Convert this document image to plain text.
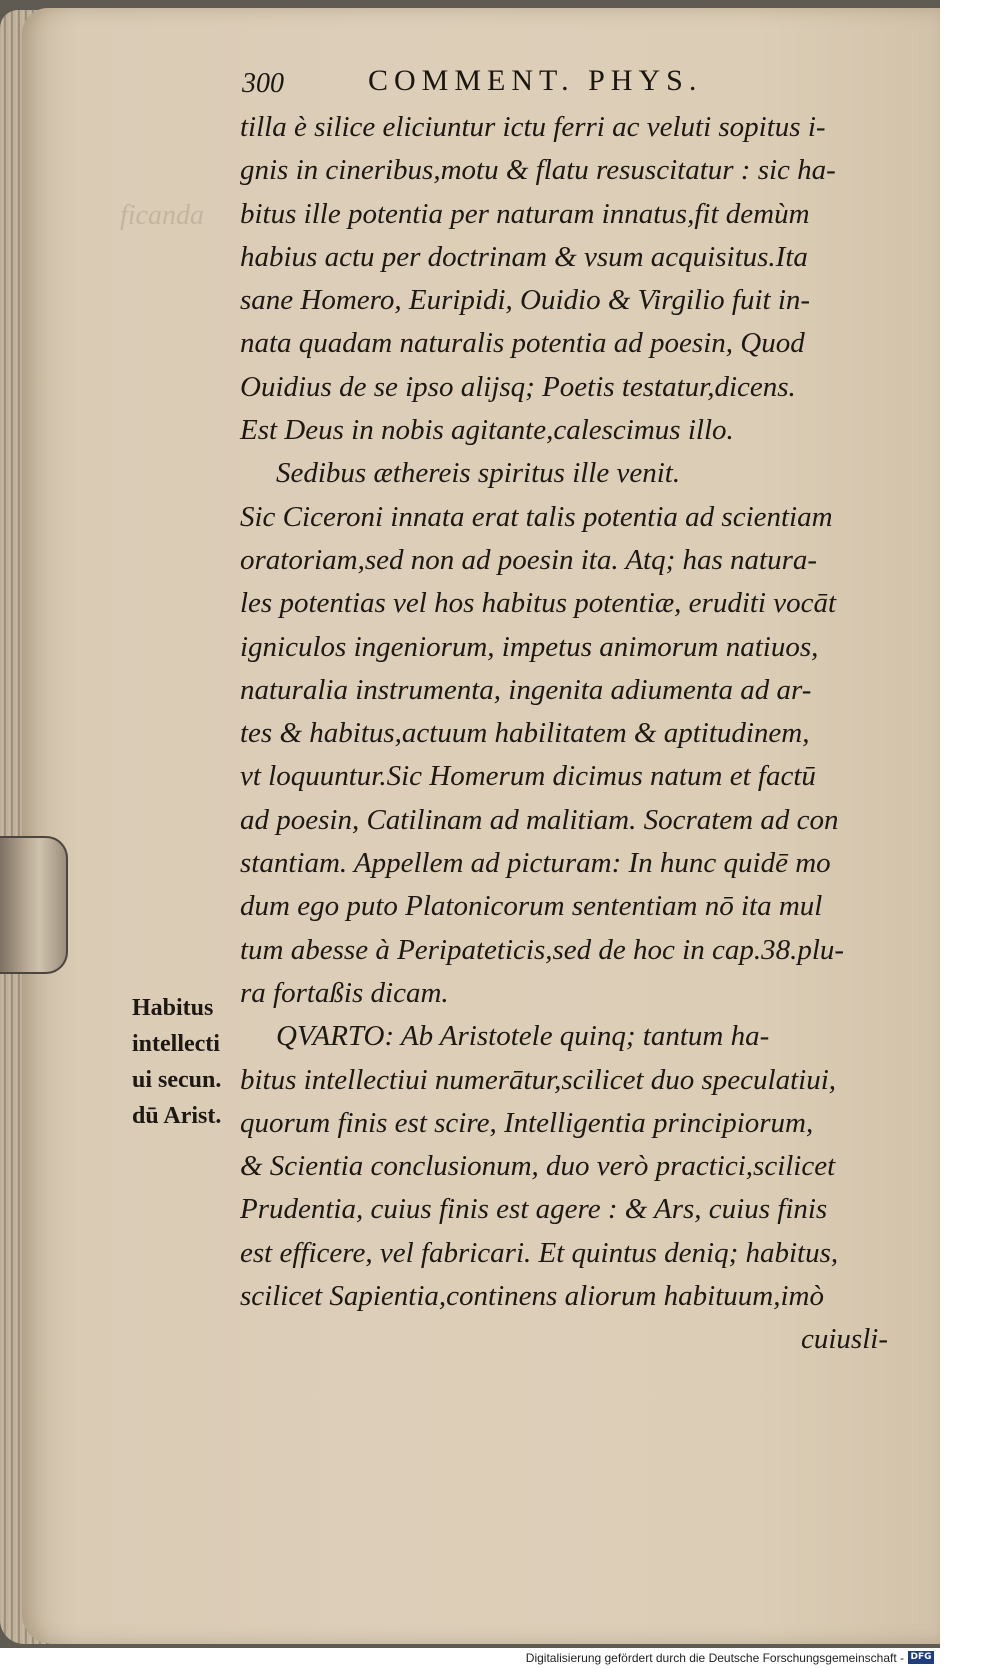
ficanda
300	COMMENT. PHYS.
tilla è silice eliciuntur ictu ferri ac veluti sopitus i-
gnis in cineribus,motu & flatu resuscitatur : sic ha-
bitus ille potentia per naturam innatus,fit demùm
habius actu per doctrinam & vsum acquisitus.Ita
sane Homero, Euripidi, Ouidio & Virgilio fuit in-
nata quadam naturalis potentia ad poesin, Quod
Ouidius de se ipso alijsq; Poetis testatur,dicens.
Est Deus in nobis agitante,calescimus illo.
Sedibus æthereis spiritus ille venit.
Sic Ciceroni innata erat talis potentia ad scientiam
oratoriam,sed non ad poesin ita. Atq; has natura-
les potentias vel hos habitus potentiæ, eruditi vocāt
igniculos ingeniorum, impetus animorum natiuos,
naturalia instrumenta, ingenita adiumenta ad ar-
tes & habitus,actuum habilitatem & aptitudinem,
vt loquuntur.Sic Homerum dicimus natum et factū
ad poesin, Catilinam ad malitiam. Socratem ad con
stantiam. Appellem ad picturam: In hunc quidē mo
dum ego puto Platonicorum sententiam nō ita mul
tum abesse à Peripateticis,sed de hoc in cap.38.plu-
ra fortaßis dicam.
QVARTO: Ab Aristotele quinq; tantum ha-
bitus intellectiui numerātur,scilicet duo speculatiui,
quorum finis est scire, Intelligentia principiorum,
& Scientia conclusionum, duo verò practici,scilicet
Prudentia, cuius finis est agere : & Ars, cuius finis
est efficere, vel fabricari. Et quintus deniq; habitus,
scilicet Sapientia,continens aliorum habituum,imò
cuiusli-
Habitus
intellecti
ui secun.
dū Arist.
Digitalisierung gefördert durch die Deutsche Forschungsgemeinschaft - DFG
